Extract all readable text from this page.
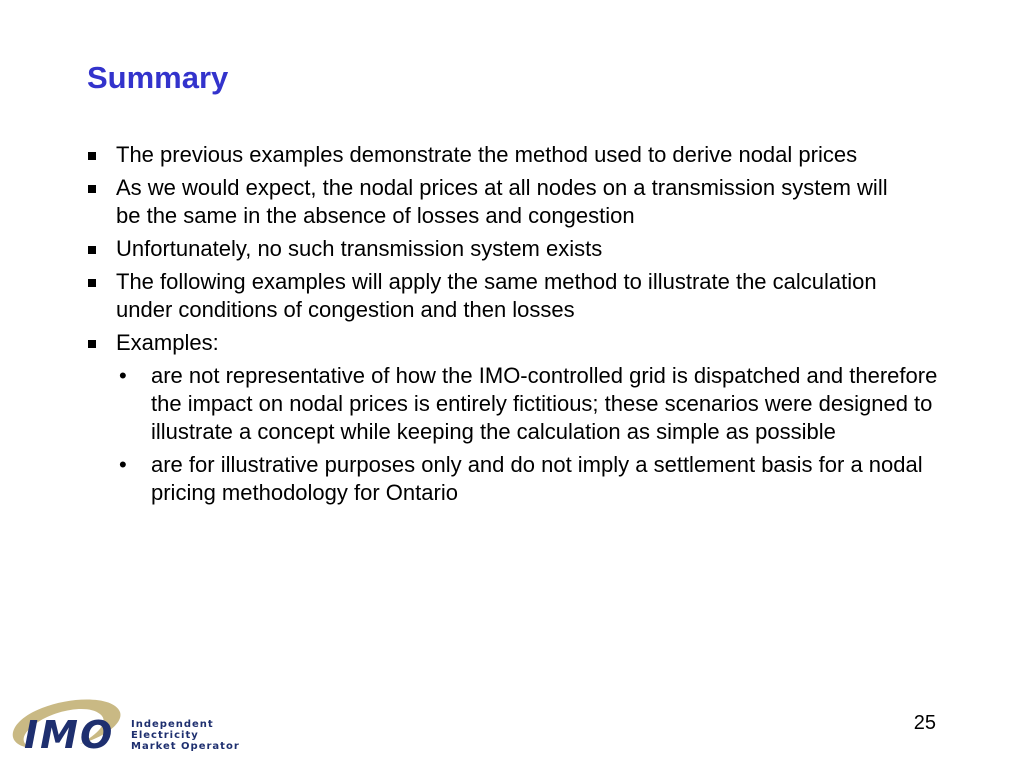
Summary
The previous examples demonstrate the method used to derive nodal prices
As we would expect, the nodal prices at all nodes on a transmission system will be the same in the absence of losses and congestion
Unfortunately, no such transmission system exists
The following examples will apply the same method to illustrate the calculation under conditions of congestion and then losses
Examples:
• are not representative of how the IMO-controlled grid is dispatched and therefore the impact on nodal prices is entirely fictitious; these scenarios were designed to illustrate a concept while keeping the calculation as simple as possible
• are for illustrative purposes only and do not imply a settlement basis for a nodal pricing methodology for Ontario
IMO Independent
Electricity
Market Operator
25
